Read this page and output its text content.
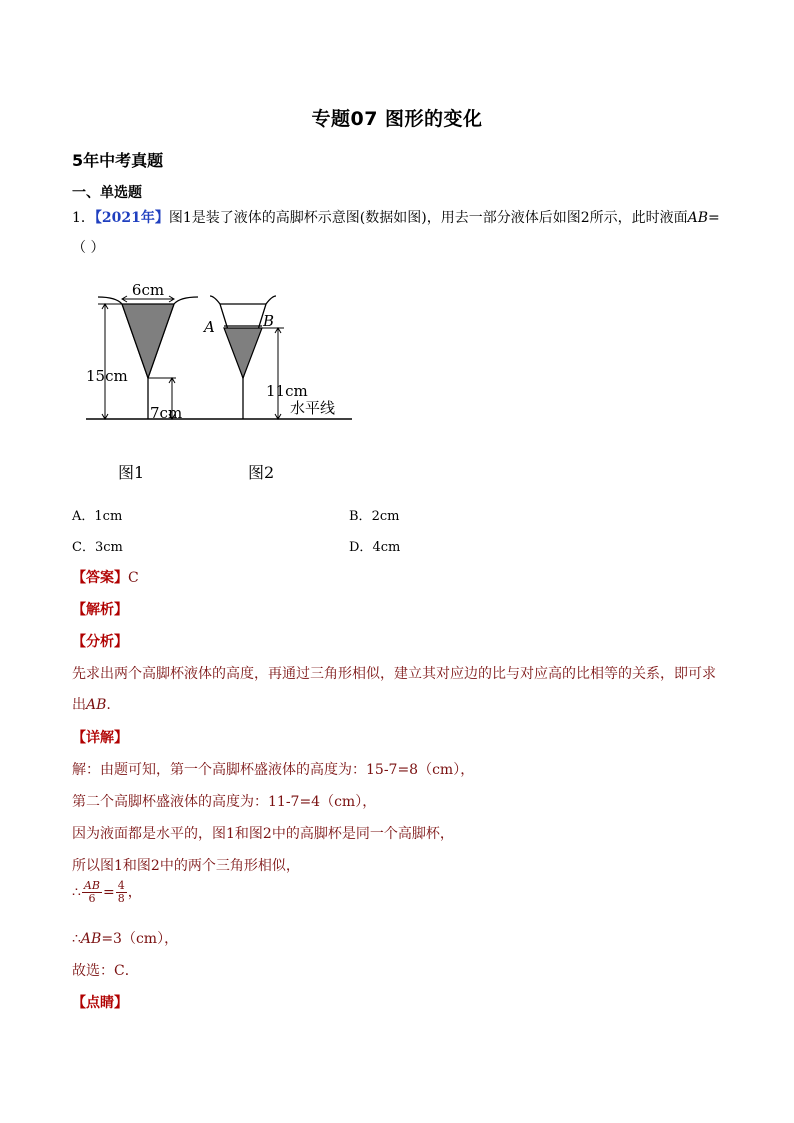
专题07 图形的变化
5年中考真题
一、单选题
1．【2021年】图1是装了液体的高脚杯示意图(数据如图)，用去一部分液体后如图2所示，此时液面AB=
（ ）
6cm
15cm
7cm
A	B
11cm
水平线
图1	图2
A．1cm	B．2cm
C．3cm	D．4cm
【答案】C
【解析】
【分析】
先求出两个高脚杯液体的高度，再通过三角形相似，建立其对应边的比与对应高的比相等的关系，即可求
出AB.
【详解】
解：由题可知，第一个高脚杯盛液体的高度为：15-7=8（cm），
第二个高脚杯盛液体的高度为：11-7=4（cm），
因为液面都是水平的，图1和图2中的高脚杯是同一个高脚杯，
所以图1和图2中的两个三角形相似，
∴ $\frac{AB}{6} = \frac{4}{8}$ ，
∴AB=3（cm），
故选：C．
【点睛】
